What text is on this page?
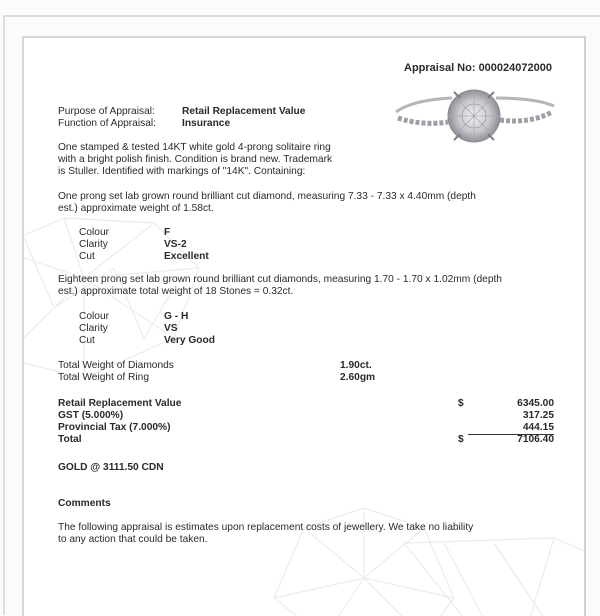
Appraisal No: 000024072000
Purpose of Appraisal:	Retail Replacement Value
Function of Appraisal:	Insurance
One stamped & tested 14KT white gold 4-prong solitaire ring
with a bright polish finish. Condition is brand new. Trademark
is Stuller. Identified with markings of "14K". Containing:
One prong set lab grown round brilliant cut diamond, measuring 7.33 - 7.33 x 4.40mm (depth
est.) approximate weight of 1.58ct.
Colour	F
Clarity	VS-2
Cut	Excellent
Eighteen prong set lab grown round brilliant cut diamonds, measuring 1.70 - 1.70 x 1.02mm (depth
est.) approximate total weight of 18 Stones = 0.32ct.
Colour	G - H
Clarity	VS
Cut	Very Good
Total Weight of Diamonds	1.90ct.
Total Weight of Ring	2.60gm
Retail Replacement Value	$	6345.00
GST (5.000%)	317.25
Provincial Tax (7.000%)	444.15
Total	$	7106.40
GOLD @ 3111.50 CDN
Comments
The following appraisal is estimates upon replacement costs of jewellery. We take no liability
to any action that could be taken.
